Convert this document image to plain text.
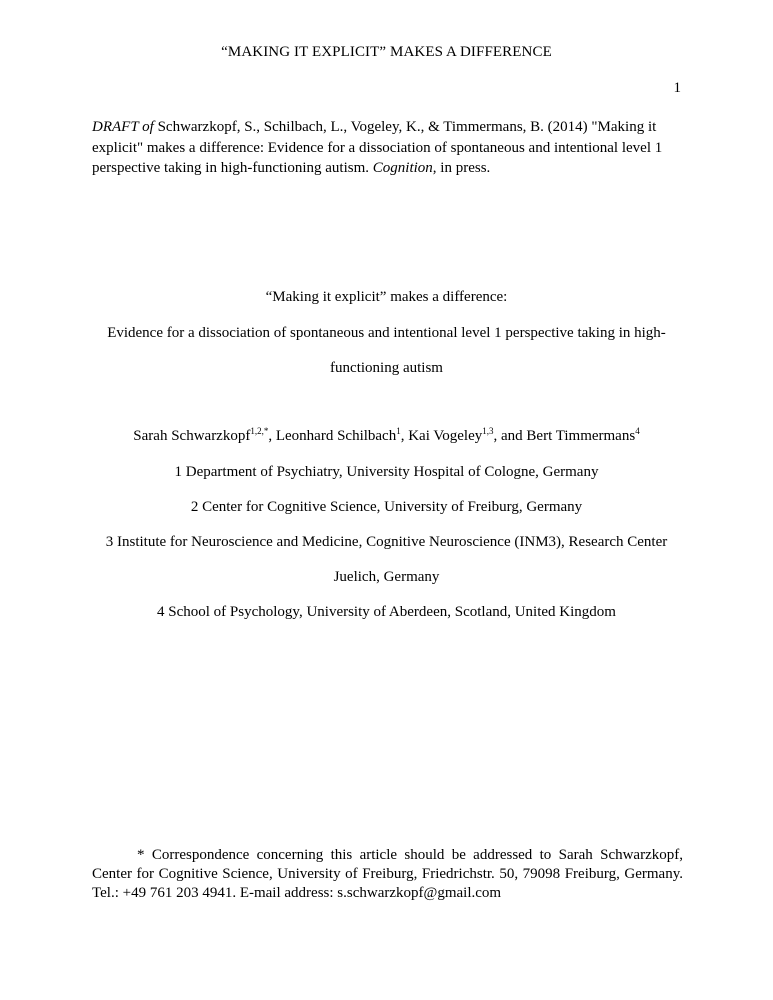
“MAKING IT EXPLICIT” MAKES A DIFFERENCE
1
DRAFT of Schwarzkopf, S., Schilbach, L., Vogeley, K., & Timmermans, B. (2014) "Making it explicit" makes a difference: Evidence for a dissociation of spontaneous and intentional level 1 perspective taking in high-functioning autism. Cognition, in press.
“Making it explicit” makes a difference:
Evidence for a dissociation of spontaneous and intentional level 1 perspective taking in high-
functioning autism
Sarah Schwarzkopf$^{1,2,*}$, Leonhard Schilbach$^1$, Kai Vogeley$^{1,3}$, and Bert Timmermans$^4$
1 Department of Psychiatry, University Hospital of Cologne, Germany
2 Center for Cognitive Science, University of Freiburg, Germany
3 Institute for Neuroscience and Medicine, Cognitive Neuroscience (INM3), Research Center
Juelich, Germany
4 School of Psychology, University of Aberdeen, Scotland, United Kingdom
* Correspondence concerning this article should be addressed to Sarah Schwarzkopf, Center for Cognitive Science, University of Freiburg, Friedrichstr. 50, 79098 Freiburg, Germany. Tel.: +49 761 203 4941. E-mail address: s.schwarzkopf@gmail.com
